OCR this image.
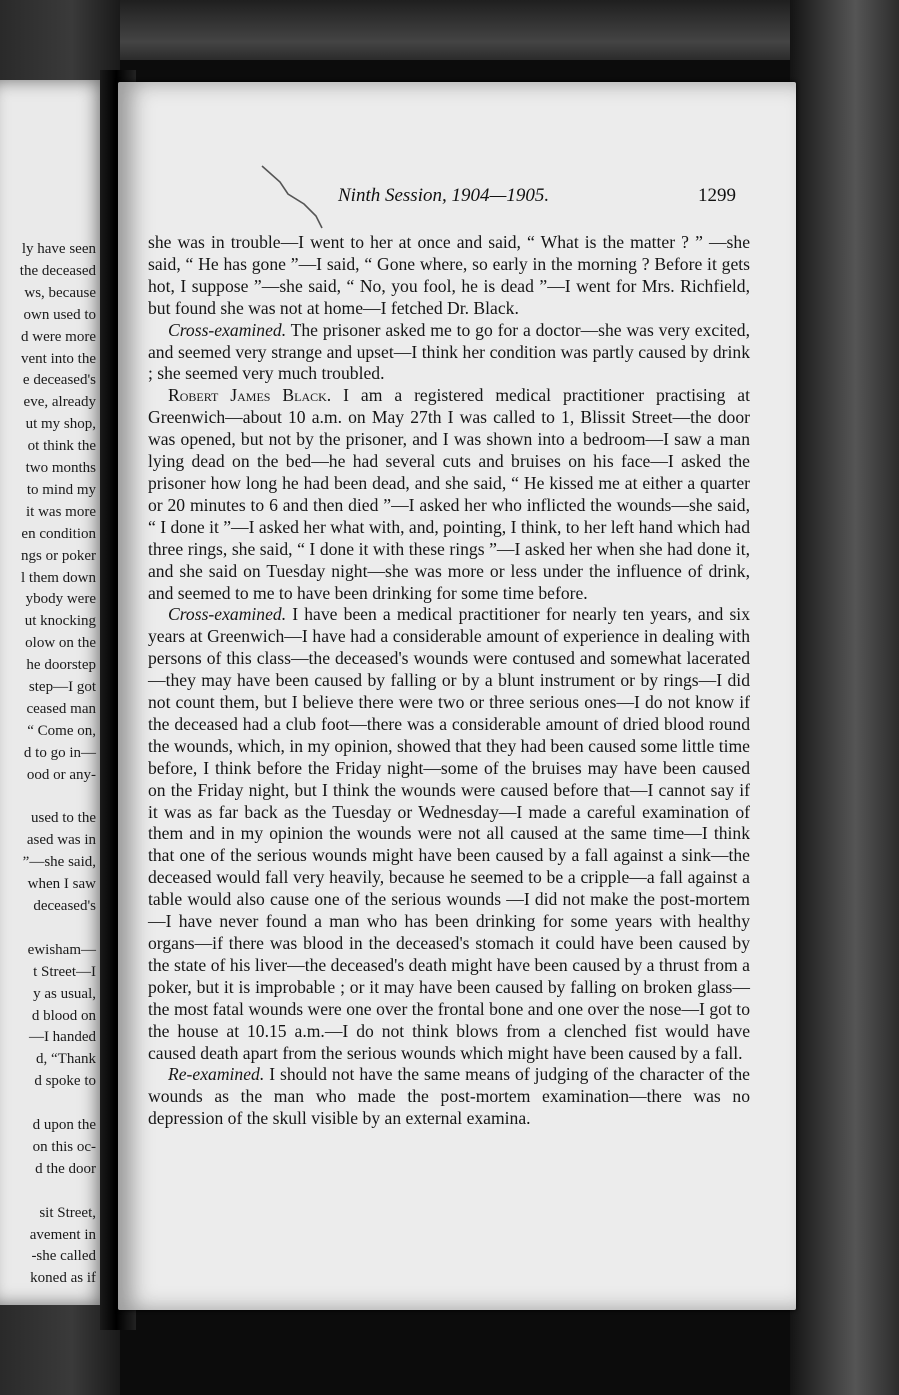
ly have seen
the deceased
ws, because
own used to
d were more
vent into the
e deceased's
eve, already
ut my shop,
ot think the
two months
to mind my
it was more
en condition
ngs or poker
l them down
ybody were
ut knocking
olow on the
he doorstep
step—I got
ceased man
“ Come on,
d to go in—
ood or any-
used to the
ased was in
”—she said,
when I saw
deceased's
ewisham—
t Street—I
y as usual,
d blood on
—I handed
d, “Thank
d spoke to
d upon the
on this oc-
d the door
sit Street,
avement in
-she called
koned as if
Ninth Session, 1904—1905.	1299

she was in trouble—I went to her at once and said, “ What is the matter ? ” —she said, “ He has gone ”—I said, “ Gone where, so early in the morning ? Before it gets hot, I suppose ”—she said, “ No, you fool, he is dead ”—I went for Mrs. Richfield, but found she was not at home—I fetched Dr. Black.

Cross-examined. The prisoner asked me to go for a doctor—she was very excited, and seemed very strange and upset—I think her condition was partly caused by drink ; she seemed very much troubled.

Robert James Black. I am a registered medical practitioner practising at Greenwich—about 10 a.m. on May 27th I was called to 1, Blissit Street—the door was opened, but not by the prisoner, and I was shown into a bedroom—I saw a man lying dead on the bed—he had several cuts and bruises on his face—I asked the prisoner how long he had been dead, and she said, “ He kissed me at either a quarter or 20 minutes to 6 and then died ”—I asked her who inflicted the wounds—she said, “ I done it ”—I asked her what with, and, pointing, I think, to her left hand which had three rings, she said, “ I done it with these rings ”—I asked her when she had done it, and she said on Tuesday night—she was more or less under the influence of drink, and seemed to me to have been drinking for some time before.

Cross-examined. I have been a medical practitioner for nearly ten years, and six years at Greenwich—I have had a considerable amount of experience in dealing with persons of this class—the deceased's wounds were contused and somewhat lacerated—they may have been caused by falling or by a blunt instrument or by rings—I did not count them, but I believe there were two or three serious ones—I do not know if the deceased had a club foot—there was a considerable amount of dried blood round the wounds, which, in my opinion, showed that they had been caused some little time before, I think before the Friday night—some of the bruises may have been caused on the Friday night, but I think the wounds were caused before that—I cannot say if it was as far back as the Tuesday or Wednesday—I made a careful examination of them and in my opinion the wounds were not all caused at the same time—I think that one of the serious wounds might have been caused by a fall against a sink—the deceased would fall very heavily, because he seemed to be a cripple—a fall against a table would also cause one of the serious wounds —I did not make the post-mortem—I have never found a man who has been drinking for some years with healthy organs—if there was blood in the deceased's stomach it could have been caused by the state of his liver—the deceased's death might have been caused by a thrust from a poker, but it is improbable ; or it may have been caused by falling on broken glass—the most fatal wounds were one over the frontal bone and one over the nose—I got to the house at 10.15 a.m.—I do not think blows from a clenched fist would have caused death apart from the serious wounds which might have been caused by a fall.

Re-examined. I should not have the same means of judging of the character of the wounds as the man who made the post-mortem examination—there was no depression of the skull visible by an external examina.
